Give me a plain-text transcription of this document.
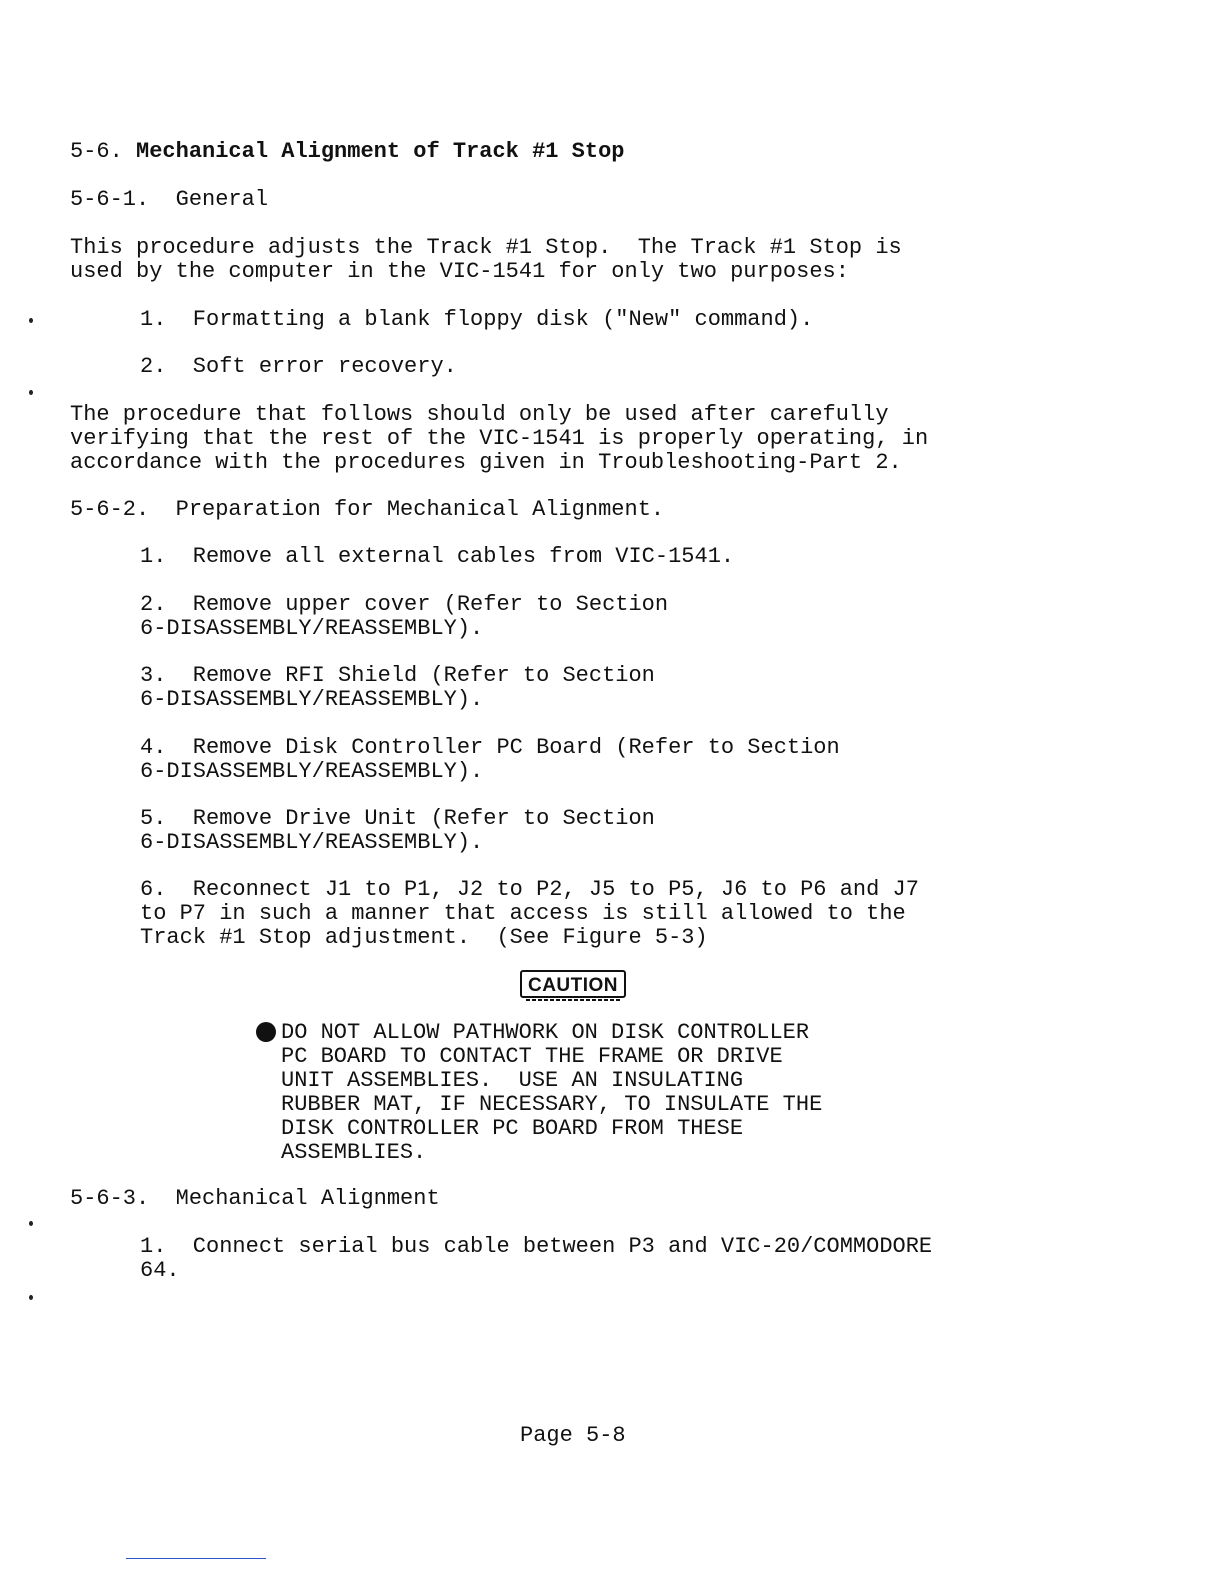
5-6. Mechanical Alignment of Track #1 Stop
5-6-1.  General
This procedure adjusts the Track #1 Stop.  The Track #1 Stop is
used by the computer in the VIC-1541 for only two purposes:
1.  Formatting a blank floppy disk ("New" command).
2.  Soft error recovery.
The procedure that follows should only be used after carefully
verifying that the rest of the VIC-1541 is properly operating, in
accordance with the procedures given in Troubleshooting-Part 2.
5-6-2.  Preparation for Mechanical Alignment.
1.  Remove all external cables from VIC-1541.
2.  Remove upper cover (Refer to Section
6-DISASSEMBLY/REASSEMBLY).
3.  Remove RFI Shield (Refer to Section
6-DISASSEMBLY/REASSEMBLY).
4.  Remove Disk Controller PC Board (Refer to Section
6-DISASSEMBLY/REASSEMBLY).
5.  Remove Drive Unit (Refer to Section
6-DISASSEMBLY/REASSEMBLY).
6.  Reconnect J1 to P1, J2 to P2, J5 to P5, J6 to P6 and J7
to P7 in such a manner that access is still allowed to the
Track #1 Stop adjustment.  (See Figure 5-3)
CAUTION
DO NOT ALLOW PATHWORK ON DISK CONTROLLER
PC BOARD TO CONTACT THE FRAME OR DRIVE
UNIT ASSEMBLIES.  USE AN INSULATING
RUBBER MAT, IF NECESSARY, TO INSULATE THE
DISK CONTROLLER PC BOARD FROM THESE
ASSEMBLIES.
5-6-3.  Mechanical Alignment
1.  Connect serial bus cable between P3 and VIC-20/COMMODORE
64.
Page 5-8
